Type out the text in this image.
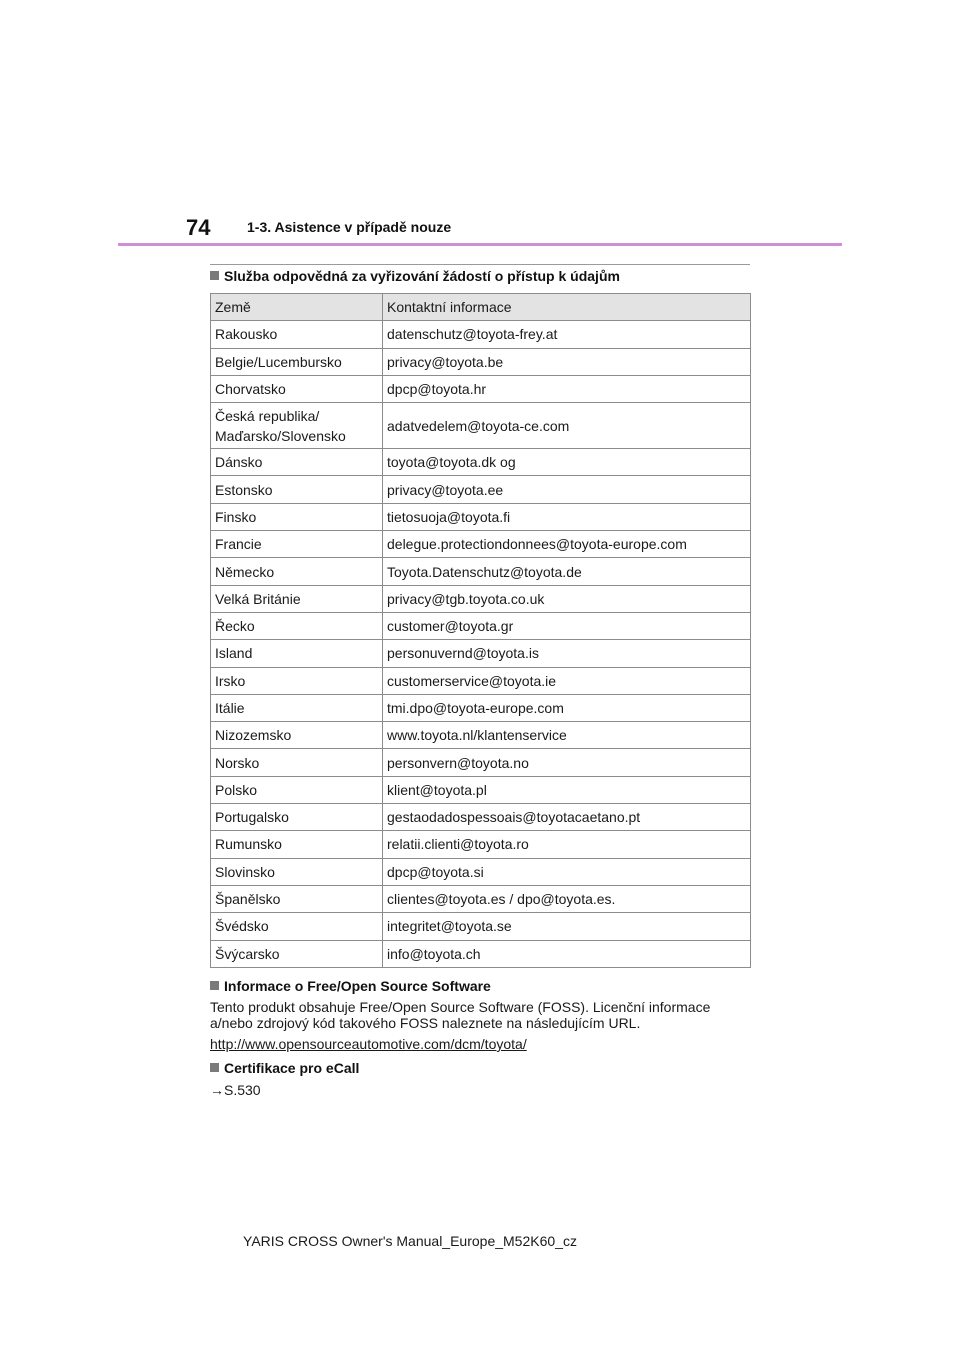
74	1-3. Asistence v případě nouze
Služba odpovědná za vyřizování žádostí o přístup k údajům
Země	Kontaktní informace
Rakousko	datenschutz@toyota-frey.at
Belgie/Lucembursko	privacy@toyota.be
Chorvatsko	dpcp@toyota.hr
Česká republika/
Maďarsko/Slovensko	adatvedelem@toyota-ce.com
Dánsko	toyota@toyota.dk og
Estonsko	privacy@toyota.ee
Finsko	tietosuoja@toyota.fi
Francie	delegue.protectiondonnees@toyota-europe.com
Německo	Toyota.Datenschutz@toyota.de
Velká Británie	privacy@tgb.toyota.co.uk
Řecko	customer@toyota.gr
Island	personuvernd@toyota.is
Irsko	customerservice@toyota.ie
Itálie	tmi.dpo@toyota-europe.com
Nizozemsko	www.toyota.nl/klantenservice
Norsko	personvern@toyota.no
Polsko	klient@toyota.pl
Portugalsko	gestaodadospessoais@toyotacaetano.pt
Rumunsko	relatii.clienti@toyota.ro
Slovinsko	dpcp@toyota.si
Španělsko	clientes@toyota.es / dpo@toyota.es.
Švédsko	integritet@toyota.se
Švýcarsko	info@toyota.ch
Informace o Free/Open Source Software
Tento produkt obsahuje Free/Open Source Software (FOSS). Licenční informace a/nebo zdrojový kód takového FOSS naleznete na následujícím URL.
http://www.opensourceautomotive.com/dcm/toyota/
Certifikace pro eCall
→S.530
YARIS CROSS Owner's Manual_Europe_M52K60_cz
